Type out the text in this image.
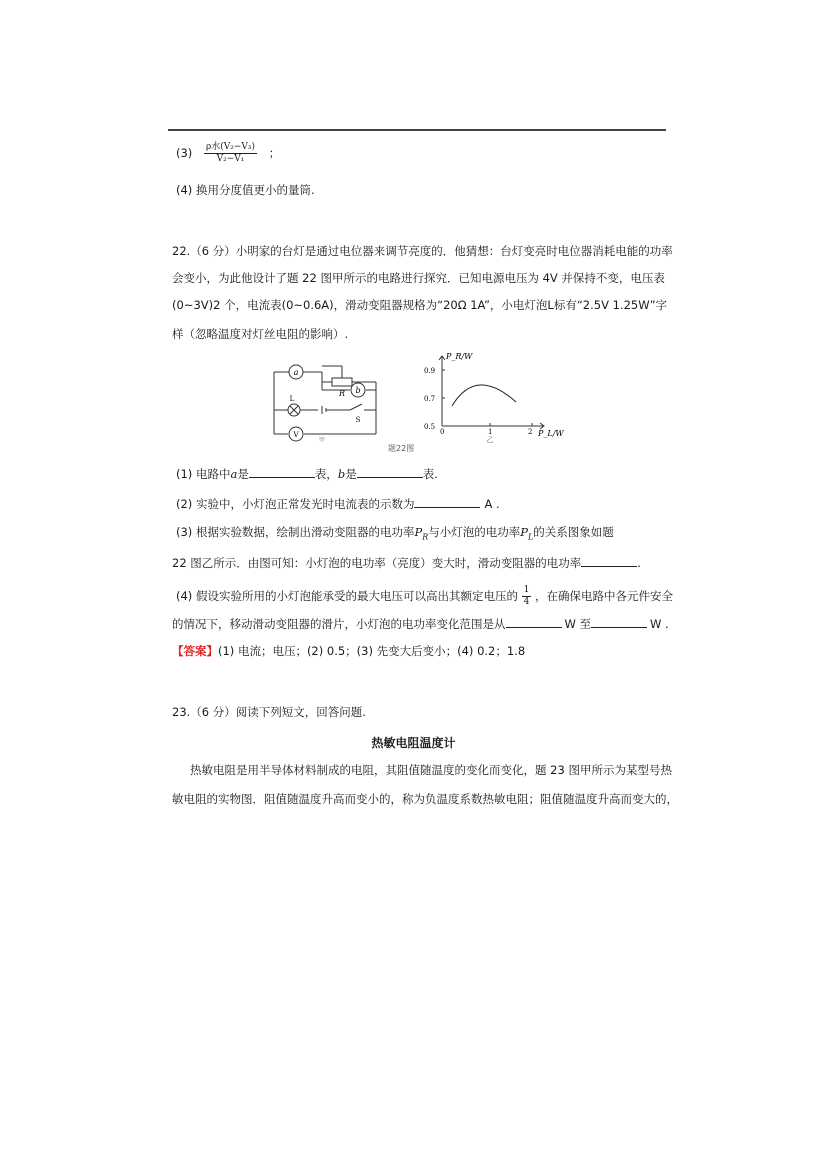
$(3) \frac{\text{ρ水(V₂−V₃)}}{\text{V₂−V₁}}$ ；
(4) 换用分度值更小的量筒.
22.（6 分）小明家的台灯是通过电位器来调节亮度的．他猜想：台灯变亮时电位器消耗电能的功率
会变小，为此他设计了题 22 图甲所示的电路进行探究．已知电源电压为 4V 并保持不变，电压表
(0~3V)2 个，电流表(0~0.6A)，滑动变阻器规格为“20Ω 1A”，小电灯泡L标有“2.5V 1.25W”字
样（忽略温度对灯丝电阻的影响）.
a
R b
L
S
V
甲
P_R/W
P_L/W
0.9
0.7
0.5
0	1	2
乙
题22图
(1) 电路中a是	表，b是	表.
(2) 实验中，小灯泡正常发光时电流表的示数为	A .
(3) 根据实验数据，绘制出滑动变阻器的电功率$P_R$与小灯泡的电功率$P_L$的关系图象如题
22 图乙所示．由图可知：小灯泡的电功率（亮度）变大时，滑动变阻器的电功率	.
(4) 假设实验所用的小灯泡能承受的最大电压可以高出其额定电压的 $\frac{1}{4}$ ，在确保电路中各元件安全
的情况下，移动滑动变阻器的滑片，小灯泡的电功率变化范围是从	W 至	W .
【答案】(1) 电流；电压；(2) 0.5；(3) 先变大后变小；(4) 0.2；1.8
23.（6 分）阅读下列短文，回答问题.
热敏电阻温度计
热敏电阻是用半导体材料制成的电阻，其阻值随温度的变化而变化，题 23 图甲所示为某型号热
敏电阻的实物图．阻值随温度升高而变小的，称为负温度系数热敏电阻；阻值随温度升高而变大的，
